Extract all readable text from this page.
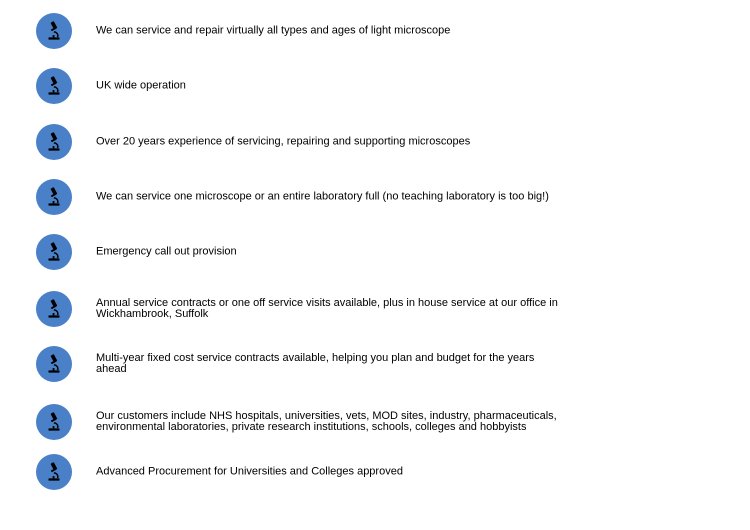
We can service and repair virtually all types and ages of light microscope
UK wide operation
Over 20 years experience of servicing, repairing and supporting microscopes
We can service one microscope or an entire laboratory full (no teaching laboratory is too big!)
Emergency call out provision
Annual service contracts or one off service visits available, plus in house service at our office in
Wickhambrook, Suffolk
Multi-year fixed cost service contracts available, helping you plan and budget for the years ahead
Our customers include NHS hospitals, universities, vets, MOD sites, industry, pharmaceuticals,
environmental laboratories, private research institutions, schools, colleges and hobbyists
Advanced Procurement for Universities and Colleges approved
